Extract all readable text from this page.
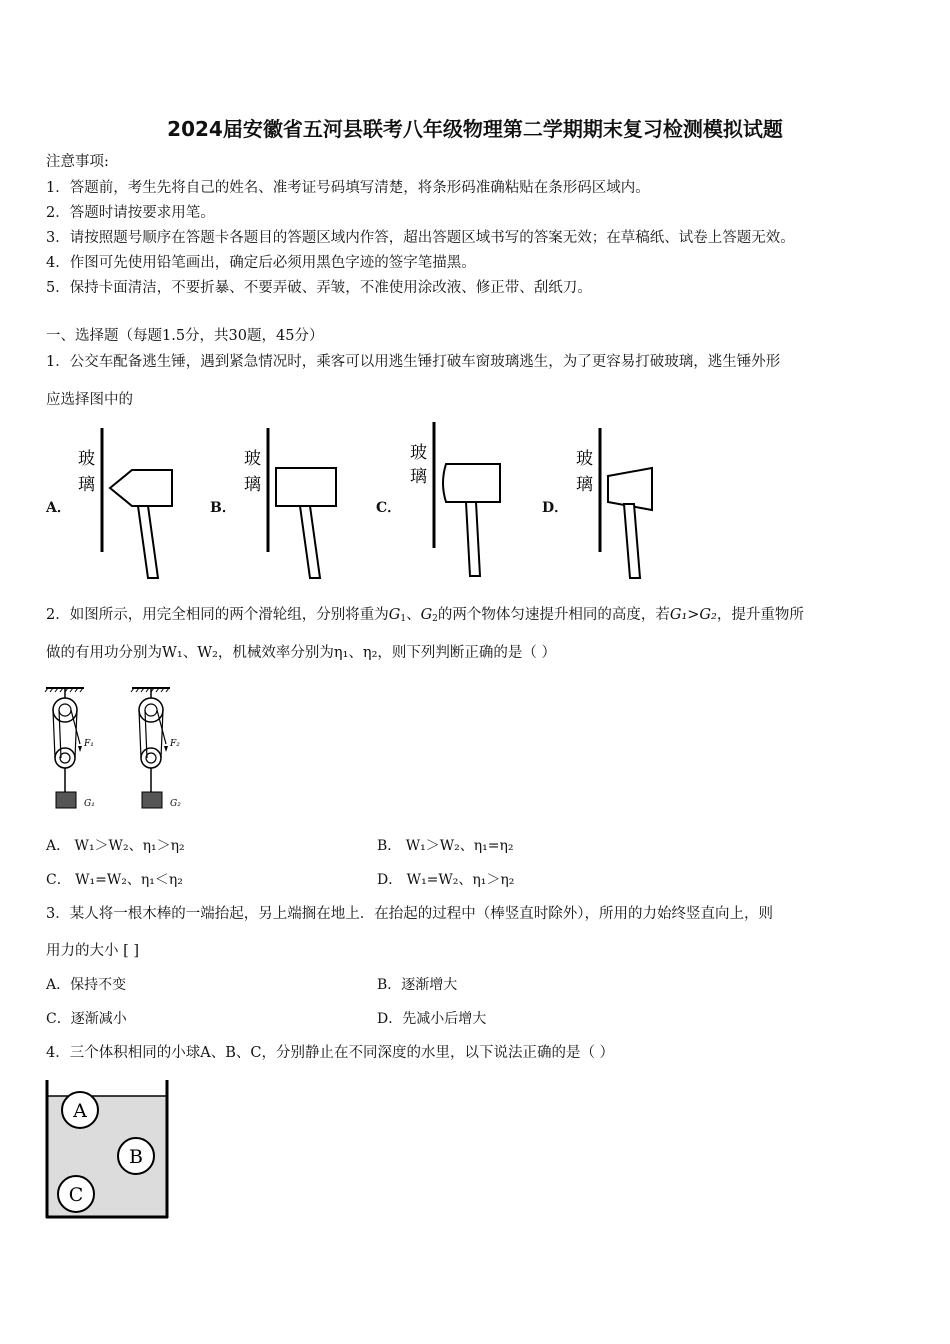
2024届安徽省五河县联考八年级物理第二学期期末复习检测模拟试题
注意事项:
1．答题前，考生先将自己的姓名、准考证号码填写清楚，将条形码准确粘贴在条形码区域内。
2．答题时请按要求用笔。
3．请按照题号顺序在答题卡各题目的答题区域内作答，超出答题区域书写的答案无效；在草稿纸、试卷上答题无效。
4．作图可先使用铅笔画出，确定后必须用黑色字迹的签字笔描黑。
5．保持卡面清洁，不要折暴、不要弄破、弄皱，不准使用涂改液、修正带、刮纸刀。
一、选择题（每题1.5分，共30题，45分）
1．公交车配备逃生锤，遇到紧急情况时，乘客可以用逃生锤打破车窗玻璃逃生，为了更容易打破玻璃，逃生锤外形
应选择图中的
A．	B．	C．	D．
玻
璃
玻
璃
玻
璃
玻
璃
2．如图所示，用完全相同的两个滑轮组，分别将重为$G_1$、$G_2$的两个物体匀速提升相同的高度，若G₁>G₂，提升重物所
做的有用功分别为W₁、W₂，机械效率分别为η₁、η₂，则下列判断正确的是（ ）
F₁
G₁
F₂
G₂
A． W₁＞W₂、η₁＞η₂	B． W₁＞W₂、η₁=η₂
C． W₁=W₂、η₁＜η₂	D． W₁=W₂、η₁＞η₂
3．某人将一根木棒的一端抬起，另上端搁在地上．在抬起的过程中（棒竖直时除外），所用的力始终竖直向上，则
用力的大小 [ ]
A．保持不变	B．逐渐增大
C．逐渐减小	D．先减小后增大
4．三个体积相同的小球A、B、C，分别静止在不同深度的水里，以下说法正确的是（ ）
A
B
C
